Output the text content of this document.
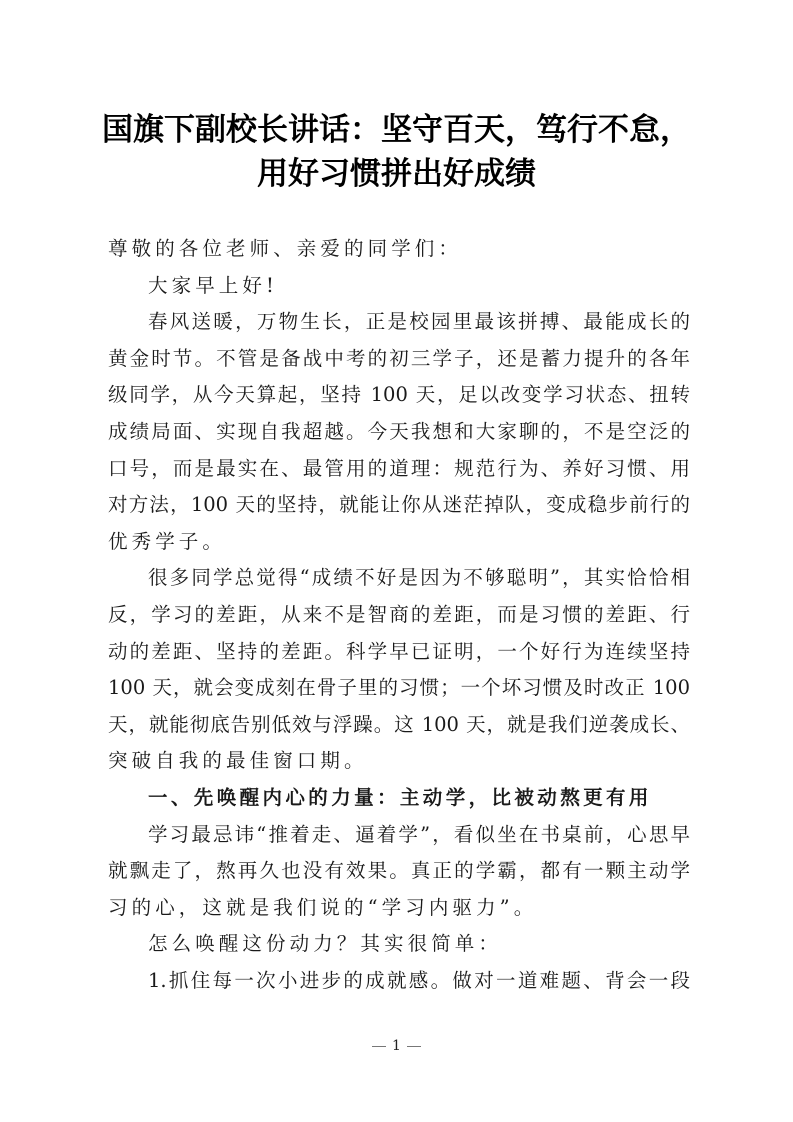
国旗下副校长讲话：坚守百天，笃行不怠，
用好习惯拼出好成绩
尊敬的各位老师、亲爱的同学们：
大家早上好!
春风送暖，万物生长，正是校园里最该拼搏、最能成长的
黄金时节。不管是备战中考的初三学子，还是蓄力提升的各年
级同学，从今天算起，坚持 100 天，足以改变学习状态、扭转
成绩局面、实现自我超越。今天我想和大家聊的，不是空泛的
口号，而是最实在、最管用的道理：规范行为、养好习惯、用
对方法，100 天的坚持，就能让你从迷茫掉队，变成稳步前行的
优秀学子。
很多同学总觉得“成绩不好是因为不够聪明”，其实恰恰相
反，学习的差距，从来不是智商的差距，而是习惯的差距、行
动的差距、坚持的差距。科学早已证明，一个好行为连续坚持
100 天，就会变成刻在骨子里的习惯；一个坏习惯及时改正 100
天，就能彻底告别低效与浮躁。这 100 天，就是我们逆袭成长、
突破自我的最佳窗口期。
一、先唤醒内心的力量：主动学，比被动熬更有用
学习最忌讳“推着走、逼着学”，看似坐在书桌前，心思早
就飘走了，熬再久也没有效果。真正的学霸，都有一颗主动学
习的心，这就是我们说的“学习内驱力”。
怎么唤醒这份动力？其实很简单：
1.抓住每一次小进步的成就感。做对一道难题、背会一段
1
